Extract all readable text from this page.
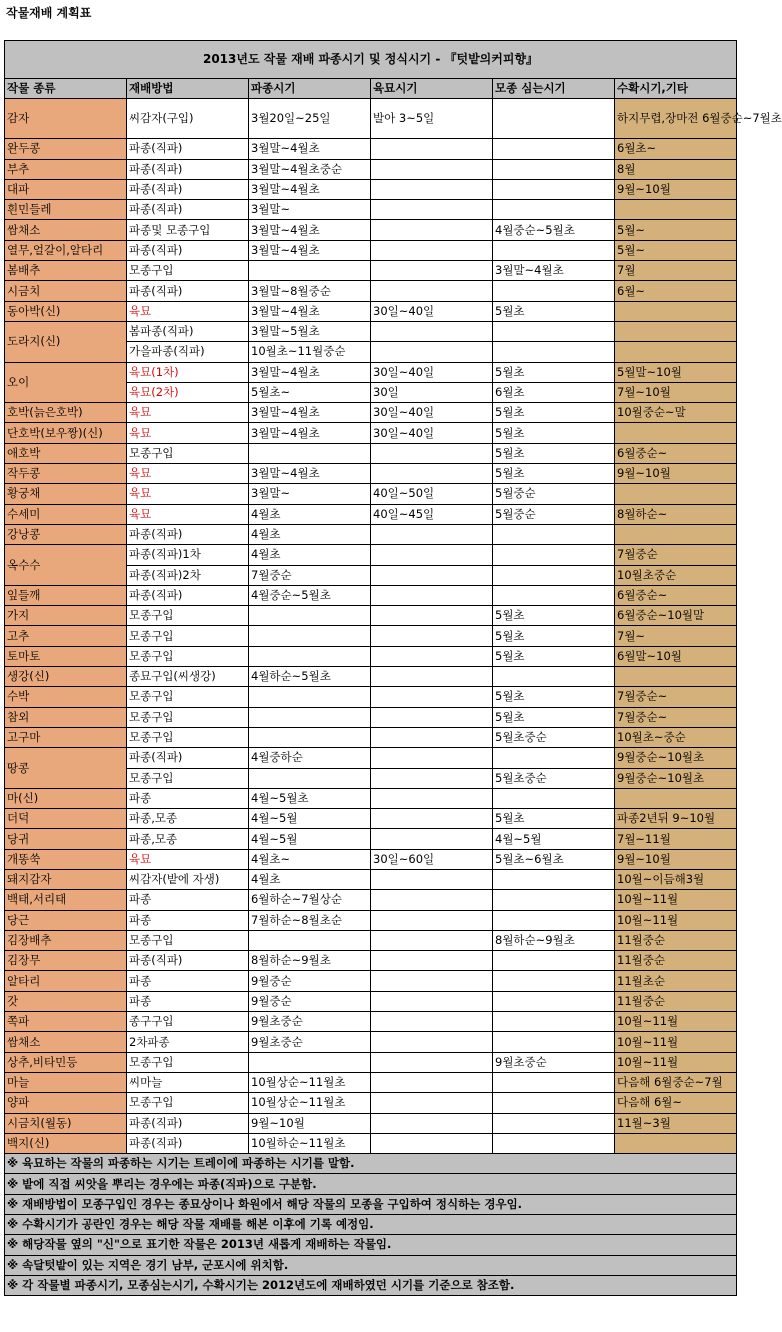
작물재배 계획표
2013년도 작물 재배 파종시기 및 정식시기 - 『텃밭의커피향』					
작물 종류	재배방법	파종시기	육묘시기	모종 심는시기	수확시기,기타
감자	씨감자(구입)	3월20일~25일	발아 3~5일		하지무렵,장마전 6월중순~7월초
완두콩	파종(직파)	3월말~4월초			6월초~
부추	파종(직파)	3월말~4월초중순			8월
대파	파종(직파)	3월말~4월초			9월~10월
흰민들레	파종(직파)	3월말~			
쌈채소	파종및 모종구입	3월말~4월초		4월중순~5월초	5월~
열무,얼갈이,알타리	파종(직파)	3월말~4월초			5월~
봄배추	모종구입			3월말~4월초	7월
시금치	파종(직파)	3월말~8월중순			6월~
동아박(신)	육묘	3월말~4월초	30일~40일	5월초	
도라지(신)	봄파종(직파)	3월말~5월초			
	가을파종(직파)	10월초~11월중순			
오이	육묘(1차)	3월말~4월초	30일~40일	5월초	5월말~10월
	육묘(2차)	5월초~	30일	6월초	7월~10월
호박(늙은호박)	육묘	3월말~4월초	30일~40일	5월초	10월중순~말
단호박(보우짱)(신)	육묘	3월말~4월초	30일~40일	5월초	
애호박	모종구입			5월초	6월중순~
작두콩	육묘	3월말~4월초		5월초	9월~10월
황궁채	육묘	3월말~	40일~50일	5월중순	
수세미	육묘	4월초	40일~45일	5월중순	8월하순~
강낭콩	파종(직파)	4월초			
옥수수	파종(직파)1차	4월초			7월중순
	파종(직파)2차	7월중순			10월초중순
잎들깨	파종(직파)	4월중순~5월초			6월중순~
가지	모종구입			5월초	6월중순~10월말
고추	모종구입			5월초	7월~
토마토	모종구입			5월초	6월말~10월
생강(신)	종묘구입(씨생강)	4월하순~5월초			
수박	모종구입			5월초	7월중순~
참외	모종구입			5월초	7월중순~
고구마	모종구입			5월초중순	10월초~중순
땅콩	파종(직파)	4월중하순			9월중순~10월초
	모종구입			5월초중순	9월중순~10월초
마(신)	파종	4월~5월초			
더덕	파종,모종	4월~5월		5월초	파종2년뒤 9~10월
당귀	파종,모종	4월~5월		4월~5월	7월~11월
개똥쑥	육묘	4월초~	30일~60일	5월초~6월초	9월~10월
돼지감자	씨감자(밭에 자생)	4월초			10월~이듬해3월
백태,서리태	파종	6월하순~7월상순			10월~11월
당근	파종	7월하순~8월초순			10월~11월
김장배추	모종구입			8월하순~9월초	11월중순
김장무	파종(직파)	8월하순~9월초			11월중순
알타리	파종	9월중순			11월초순
갓	파종	9월중순			11월중순
쪽파	종구구입	9월초중순			10월~11월
쌈채소	2차파종	9월초중순			10월~11월
상추,비타민등	모종구입			9월초중순	10월~11월
마늘	씨마늘	10월상순~11월초			다음해 6월중순~7월
양파	모종구입	10월상순~11월초			다음해 6월~
시금치(월동)	파종(직파)	9월~10월			11월~3월
백지(신)	파종(직파)	10월하순~11월초			
※ 육묘하는 작물의 파종하는 시기는 트레이에 파종하는 시기를 말함.					
※ 밭에 직접 씨앗을 뿌리는 경우에는 파종(직파)으로 구분함.					
※ 재배방법이 모종구입인 경우는 종묘상이나 화원에서 해당 작물의 모종을 구입하여 정식하는 경우임.					
※ 수확시기가 공란인 경우는 해당 작물 재배를 해본 이후에 기록 예정임.					
※ 해당작물 옆의 "신"으로 표기한 작물은 2013년 새롭게 재배하는 작물임.					
※ 속달텃밭이 있는 지역은 경기 남부, 군포시에 위치함.					
※ 각 작물별 파종시기, 모종심는시기, 수확시기는 2012년도에 재배하였던 시기를 기준으로 참조함.					
